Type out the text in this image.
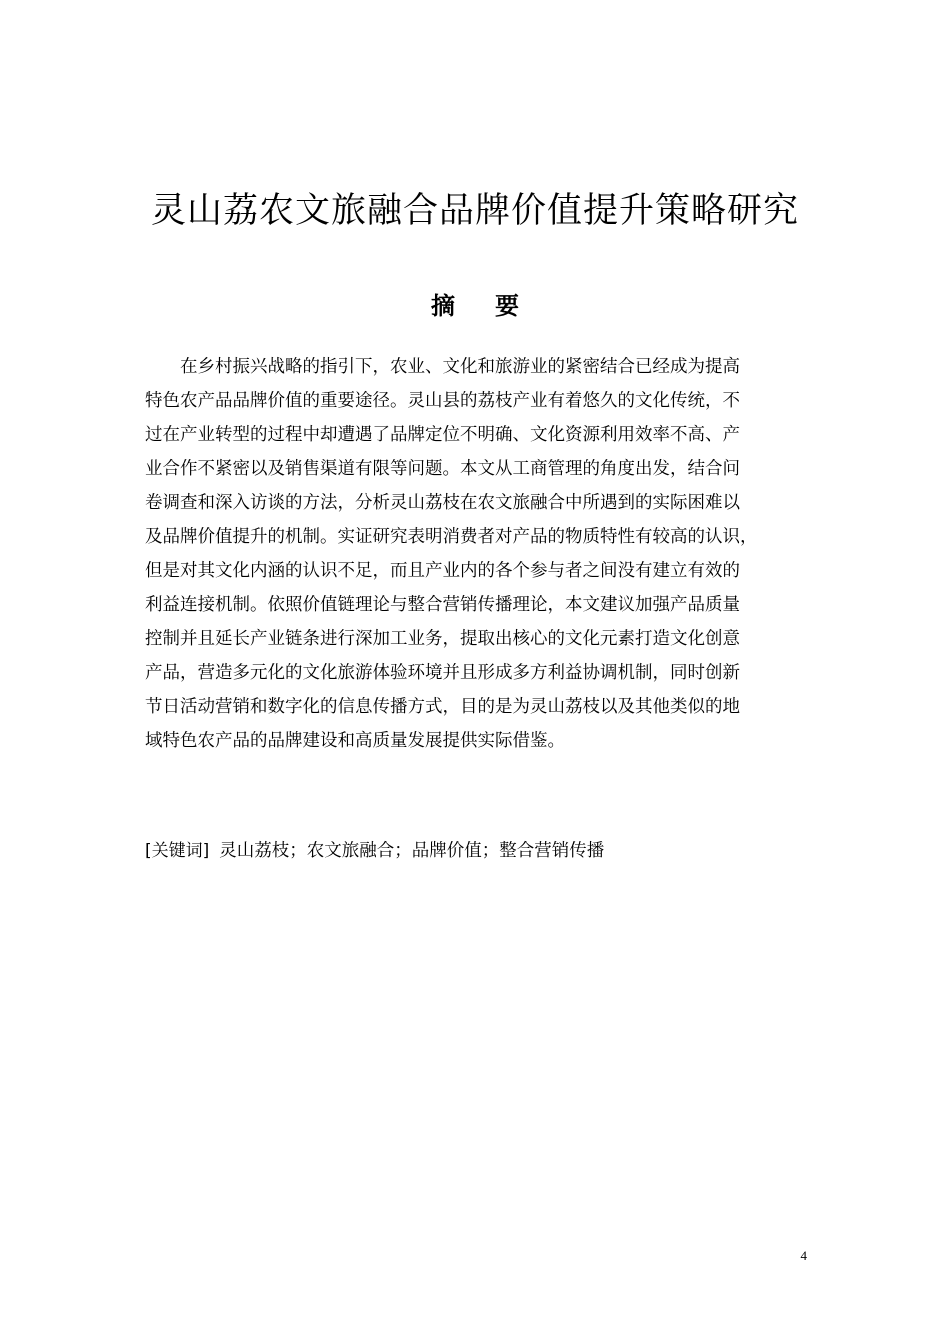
灵山荔农文旅融合品牌价值提升策略研究
摘 要
在乡村振兴战略的指引下，农业、文化和旅游业的紧密结合已经成为提高
特色农产品品牌价值的重要途径。灵山县的荔枝产业有着悠久的文化传统，不
过在产业转型的过程中却遭遇了品牌定位不明确、文化资源利用效率不高、产
业合作不紧密以及销售渠道有限等问题。本文从工商管理的角度出发，结合问
卷调查和深入访谈的方法，分析灵山荔枝在农文旅融合中所遇到的实际困难以
及品牌价值提升的机制。实证研究表明消费者对产品的物质特性有较高的认识，
但是对其文化内涵的认识不足，而且产业内的各个参与者之间没有建立有效的
利益连接机制。依照价值链理论与整合营销传播理论，本文建议加强产品质量
控制并且延长产业链条进行深加工业务，提取出核心的文化元素打造文化创意
产品，营造多元化的文化旅游体验环境并且形成多方利益协调机制，同时创新
节日活动营销和数字化的信息传播方式，目的是为灵山荔枝以及其他类似的地
域特色农产品的品牌建设和高质量发展提供实际借鉴。
[关键词] 灵山荔枝；农文旅融合；品牌价值；整合营销传播
4
